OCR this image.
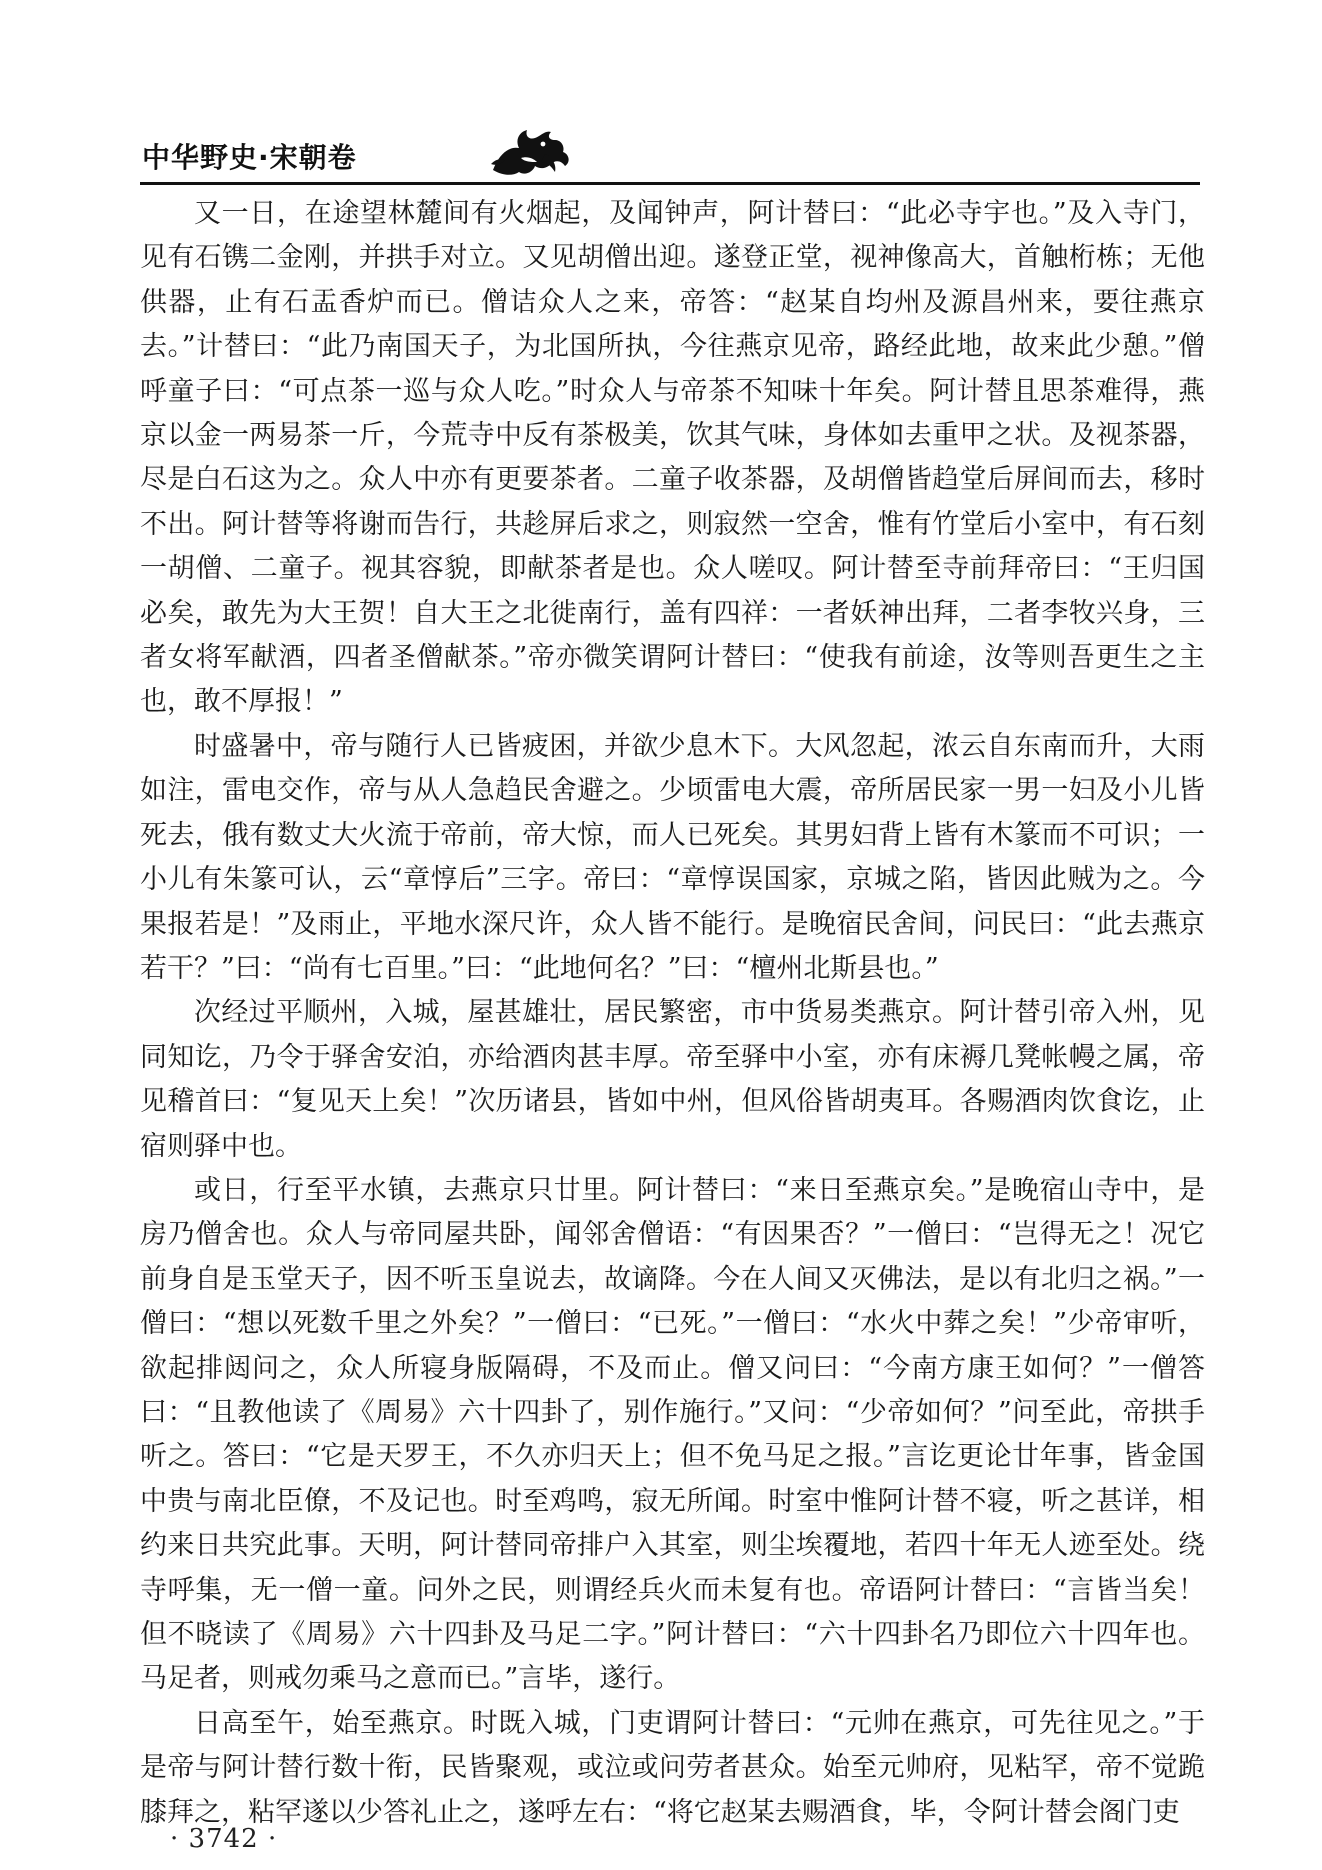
中华野史·宋朝卷

又一日，在途望林麓间有火烟起，及闻钟声，阿计替曰：“此必寺宇也。”及入寺门，见有石镌二金刚，并拱手对立。又见胡僧出迎。遂登正堂，视神像高大，首触桁栋；无他供器，止有石盂香炉而已。僧诘众人之来，帝答：“赵某自均州及源昌州来，要往燕京去。”计替曰：“此乃南国天子，为北国所执，今往燕京见帝，路经此地，故来此少憩。”僧呼童子曰：“可点茶一巡与众人吃。”时众人与帝茶不知味十年矣。阿计替且思茶难得，燕京以金一两易茶一斤，今荒寺中反有茶极美，饮其气味，身体如去重甲之状。及视茶器，尽是白石这为之。众人中亦有更要茶者。二童子收茶器，及胡僧皆趋堂后屏间而去，移时不出。阿计替等将谢而告行，共趁屏后求之，则寂然一空舍，惟有竹堂后小室中，有石刻一胡僧、二童子。视其容貌，即献茶者是也。众人嗟叹。阿计替至寺前拜帝曰：“王归国必矣，敢先为大王贺！自大王之北徙南行，盖有四祥：一者妖神出拜，二者李牧兴身，三者女将军献酒，四者圣僧献茶。”帝亦微笑谓阿计替曰：“使我有前途，汝等则吾更生之主也，敢不厚报！”

时盛暑中，帝与随行人已皆疲困，并欲少息木下。大风忽起，浓云自东南而升，大雨如注，雷电交作，帝与从人急趋民舍避之。少顷雷电大震，帝所居民家一男一妇及小儿皆死去，俄有数丈大火流于帝前，帝大惊，而人已死矣。其男妇背上皆有木篆而不可识；一小儿有朱篆可认，云“章惇后”三字。帝曰：“章惇误国家，京城之陷，皆因此贼为之。今果报若是！”及雨止，平地水深尺许，众人皆不能行。是晚宿民舍间，问民曰：“此去燕京若干？”曰：“尚有七百里。”曰：“此地何名？”曰：“檀州北斯县也。”

次经过平顺州，入城，屋甚雄壮，居民繁密，市中货易类燕京。阿计替引帝入州，见同知讫，乃令于驿舍安泊，亦给酒肉甚丰厚。帝至驿中小室，亦有床褥几凳帐幔之属，帝见稽首曰：“复见天上矣！”次历诸县，皆如中州，但风俗皆胡夷耳。各赐酒肉饮食讫，止宿则驿中也。

或日，行至平水镇，去燕京只廿里。阿计替曰：“来日至燕京矣。”是晚宿山寺中，是房乃僧舍也。众人与帝同屋共卧，闻邻舍僧语：“有因果否？”一僧曰：“岂得无之！况它前身自是玉堂天子，因不听玉皇说去，故谪降。今在人间又灭佛法，是以有北归之祸。”一僧曰：“想以死数千里之外矣？”一僧曰：“已死。”一僧曰：“水火中葬之矣！”少帝审听，欲起排闼问之，众人所寝身版隔碍，不及而止。僧又问曰：“今南方康王如何？”一僧答曰：“且教他读了《周易》六十四卦了，别作施行。”又问：“少帝如何？”问至此，帝拱手听之。答曰：“它是天罗王，不久亦归天上；但不免马足之报。”言讫更论廿年事，皆金国中贵与南北臣僚，不及记也。时至鸡鸣，寂无所闻。时室中惟阿计替不寝，听之甚详，相约来日共究此事。天明，阿计替同帝排户入其室，则尘埃覆地，若四十年无人迹至处。绕寺呼集，无一僧一童。问外之民，则谓经兵火而未复有也。帝语阿计替曰：“言皆当矣！但不晓读了《周易》六十四卦及马足二字。”阿计替曰：“六十四卦名乃即位六十四年也。马足者，则戒勿乘马之意而已。”言毕，遂行。

日高至午，始至燕京。时既入城，门吏谓阿计替曰：“元帅在燕京，可先往见之。”于是帝与阿计替行数十衔，民皆聚观，或泣或问劳者甚众。始至元帅府，见粘罕，帝不觉跪膝拜之，粘罕遂以少答礼止之，遂呼左右：“将它赵某去赐酒食，毕，令阿计替会阁门吏

· 3742 ·
